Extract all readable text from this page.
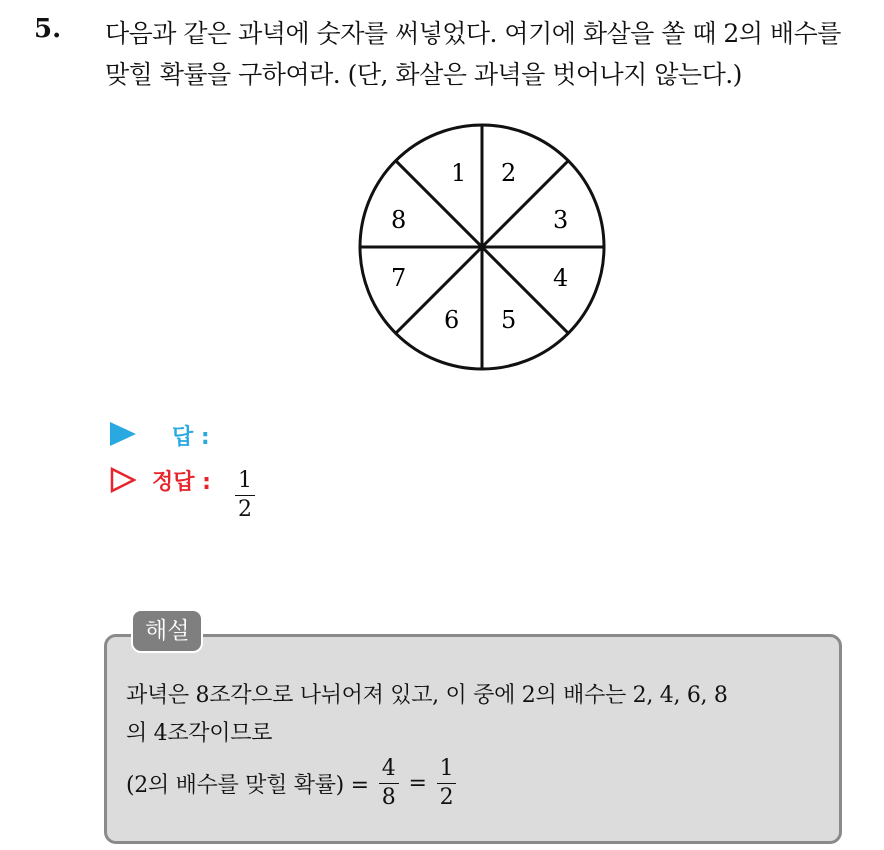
5. 다음과 같은 과녁에 숫자를 써넣었다. 여기에 화살을 쏠 때 2의 배수를
맞힐 확률을 구하여라. (단, 화살은 과녁을 벗어나지 않는다.)
1 2
3
4
5
6
7
8
답 :
정답 : $\frac{1}{2}$
해설
과녁은 8조각으로 나뉘어져 있고, 이 중에 2의 배수는 2, 4, 6, 8
의 4조각이므로
(2의 배수를 맞힐 확률) = $\frac{4}{8} = \frac{1}{2}$
